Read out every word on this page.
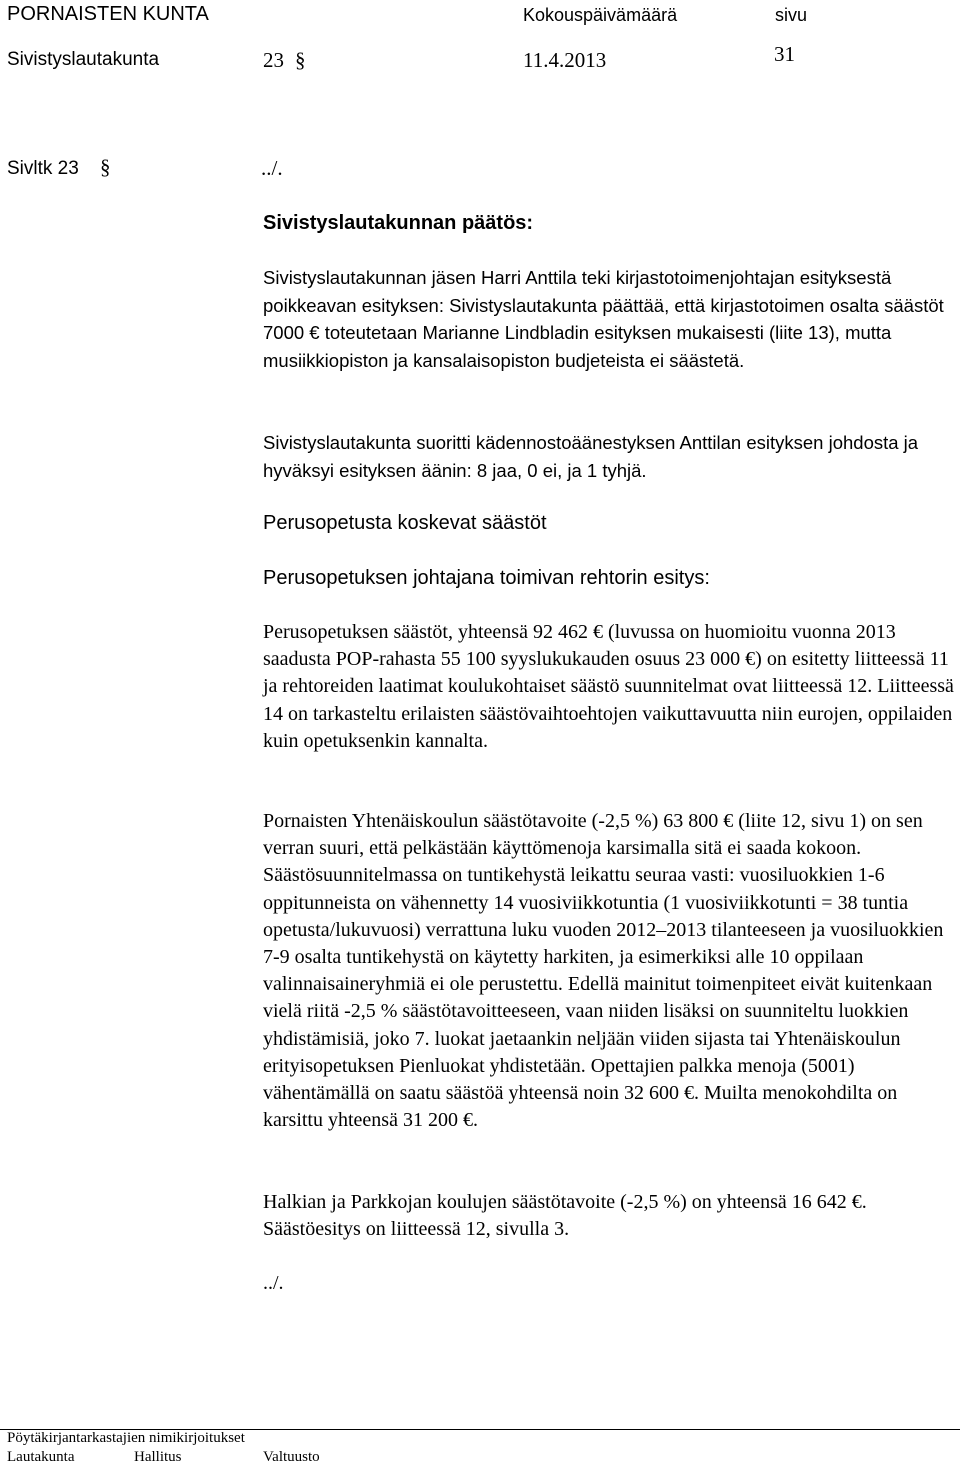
PORNAISTEN KUNTA	Kokouspäivämäärä	sivu
Sivistyslautakunta	23 §	11.4.2013	31
Sivltk 23 §	../.
Sivistyslautakunnan päätös:

Sivistyslautakunnan jäsen Harri Anttila teki kirjastotoimenjohtajan esityksestä poikkeavan esityksen: Sivistyslautakunta päättää, että kirjastotoimen osalta säästöt 7000 € toteutetaan Marianne Lindbladin esityksen mukaisesti (liite 13), mutta musiikkiopiston ja kansalaisopiston budjeteista ei säästetä.

Sivistyslautakunta suoritti kädennostoäänestyksen Anttilan esityksen johdosta ja hyväksyi esityksen äänin: 8 jaa, 0 ei, ja 1 tyhjä.

Perusopetusta koskevat säästöt
Perusopetuksen johtajana toimivan rehtorin esitys:

Perusopetuksen säästöt, yhteensä 92 462 € (luvussa on huomioitu vuonna 2013 saadusta POP-rahasta 55 100 syyslukukauden osuus 23 000 €) on esitetty liitteessä 11 ja rehtoreiden laatimat koulukohtaiset säästö suunnitelmat ovat liitteessä 12. Liitteessä 14 on tarkasteltu erilaisten säästövaihtoehtojen vaikuttavuutta niin eurojen, oppilaiden kuin opetuksenkin kannalta.

Pornaisten Yhtenäiskoulun säästötavoite (-2,5 %) 63 800 € (liite 12, sivu 1) on sen verran suuri, että pelkästään käyttömenoja karsimalla sitä ei saada kokoon. Säästösuunnitelmassa on tuntikehystä leikattu seuraa vasti: vuosiluokkien 1-6 oppitunneista on vähennetty 14 vuosiviikkotuntia (1 vuosiviikkotunti = 38 tuntia opetusta/lukuvuosi) verrattuna luku vuoden 2012–2013 tilanteeseen ja vuosiluokkien 7-9 osalta tuntikehystä on käytetty harkiten, ja esimerkiksi alle 10 oppilaan valinnaisaineryhmiä ei ole perustettu. Edellä mainitut toimenpiteet eivät kuitenkaan vielä riitä -2,5 % säästötavoitteeseen, vaan niiden lisäksi on suunniteltu luokkien yhdistämisiä, joko 7. luokat jaetaankin neljään viiden sijasta tai Yhtenäiskoulun erityisopetuksen Pienluokat yhdistetään. Opettajien palkka menoja (5001) vähentämällä on saatu säästöä yhteensä noin 32 600 €. Muilta menokohdilta on karsittu yhteensä 31 200 €.

Halkian ja Parkkojan koulujen säästötavoite (-2,5 %) on yhteensä 16 642 €. Säästöesitys on liitteessä 12, sivulla 3.

../.
Pöytäkirjantarkastajien nimikirjoitukset
Lautakunta	Hallitus	Valtuusto
